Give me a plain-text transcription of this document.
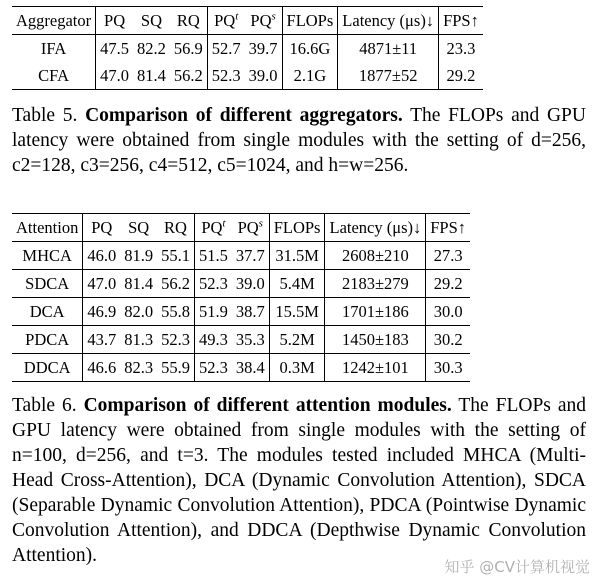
Aggregator	PQ	SQ	RQ	$PQ^t$	$PQ^s$	FLOPs	Latency (μs)↓	FPS↑
IFA	47.5	82.2	56.9	52.7	39.7	16.6G	4871±11	23.3
CFA	47.0	81.4	56.2	52.3	39.0	2.1G	1877±52	29.2
Table 5. Comparison of different aggregators. The FLOPs and GPU latency were obtained from single modules with the setting of d=256, c2=128, c3=256, c4=512, c5=1024, and h=w=256.
Attention	PQ	SQ	RQ	$PQ^t$	$PQ^s$	FLOPs	Latency (μs)↓	FPS↑
MHCA	46.0	81.9	55.1	51.5	37.7	31.5M	2608±210	27.3
SDCA	47.0	81.4	56.2	52.3	39.0	5.4M	2183±279	29.2
DCA	46.9	82.0	55.8	51.9	38.7	15.5M	1701±186	30.0
PDCA	43.7	81.3	52.3	49.3	35.3	5.2M	1450±183	30.2
DDCA	46.6	82.3	55.9	52.3	38.4	0.3M	1242±101	30.3
Table 6. Comparison of different attention modules. The FLOPs and GPU latency were obtained from single modules with the setting of n=100, d=256, and t=3. The modules tested included MHCA (Multi-Head Cross-Attention), DCA (Dynamic Convolution Attention), SDCA (Separable Dynamic Convolution Attention), PDCA (Pointwise Dynamic Convolution Attention), and DDCA (Depthwise Dynamic Convolution Attention).
知乎 @CV计算机视觉
